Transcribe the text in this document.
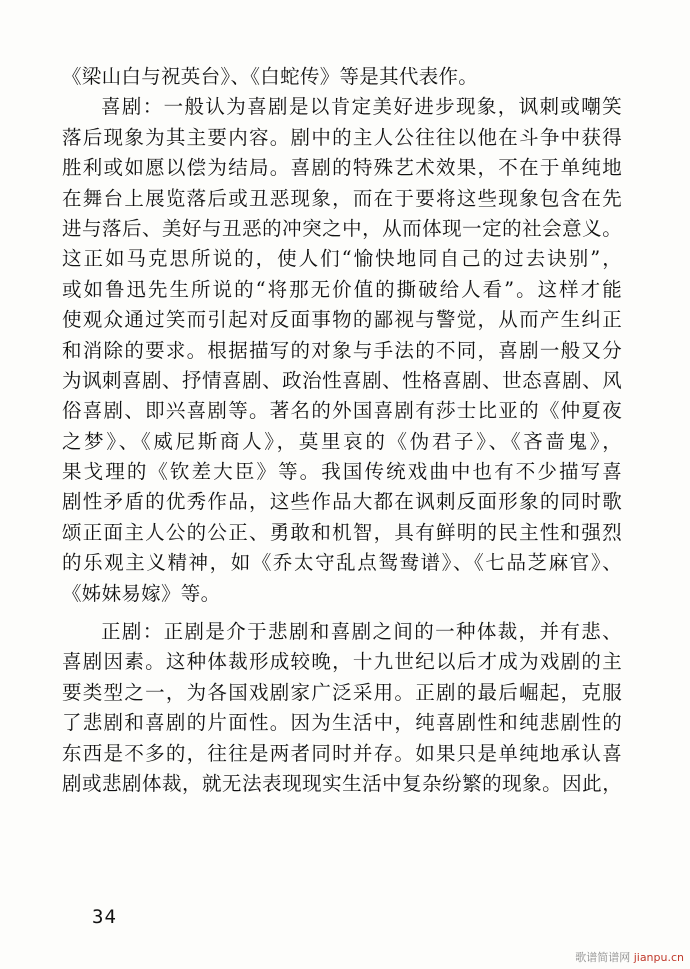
《梁山白与祝英台》、《白蛇传》等是其代表作。
喜剧：一般认为喜剧是以肯定美好进步现象，讽刺或嘲笑
落后现象为其主要内容。剧中的主人公往往以他在斗争中获得
胜利或如愿以偿为结局。喜剧的特殊艺术效果，不在于单纯地
在舞台上展览落后或丑恶现象，而在于要将这些现象包含在先
进与落后、美好与丑恶的冲突之中，从而体现一定的社会意义。
这正如马克思所说的，使人们“愉快地同自己的过去诀别”，
或如鲁迅先生所说的“将那无价值的撕破给人看”。这样才能
使观众通过笑而引起对反面事物的鄙视与警觉，从而产生纠正
和消除的要求。根据描写的对象与手法的不同，喜剧一般又分
为讽刺喜剧、抒情喜剧、政治性喜剧、性格喜剧、世态喜剧、风
俗喜剧、即兴喜剧等。著名的外国喜剧有莎士比亚的《仲夏夜
之梦》、《威尼斯商人》，莫里哀的《伪君子》、《吝啬鬼》，
果戈理的《钦差大臣》等。我国传统戏曲中也有不少描写喜
剧性矛盾的优秀作品，这些作品大都在讽刺反面形象的同时歌
颂正面主人公的公正、勇敢和机智，具有鲜明的民主性和强烈
的乐观主义精神，如《乔太守乱点鸳鸯谱》、《七品芝麻官》、
《姊妹易嫁》等。
正剧：正剧是介于悲剧和喜剧之间的一种体裁，并有悲、
喜剧因素。这种体裁形成较晚，十九世纪以后才成为戏剧的主
要类型之一，为各国戏剧家广泛采用。正剧的最后崛起，克服
了悲剧和喜剧的片面性。因为生活中，纯喜剧性和纯悲剧性的
东西是不多的，往往是两者同时并存。如果只是单纯地承认喜
剧或悲剧体裁，就无法表现现实生活中复杂纷繁的现象。因此，
34
歌谱简谱网 jianpu.cn
